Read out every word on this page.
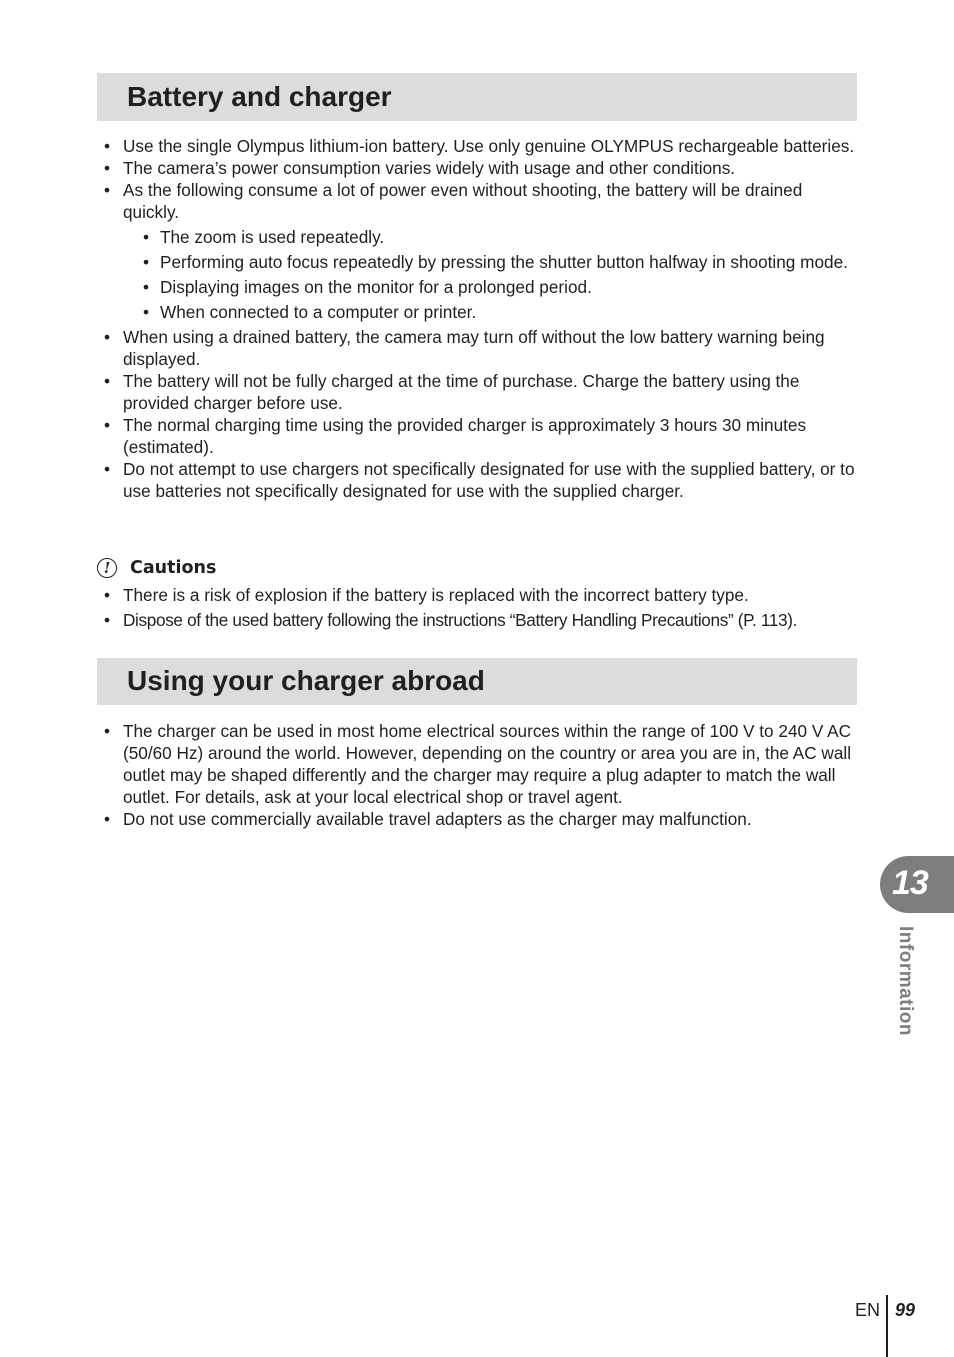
Battery and charger
• Use the single Olympus lithium-ion battery. Use only genuine OLYMPUS rechargeable batteries.
• The camera’s power consumption varies widely with usage and other conditions.
• As the following consume a lot of power even without shooting, the battery will be drained quickly.
• The zoom is used repeatedly.
• Performing auto focus repeatedly by pressing the shutter button halfway in shooting mode.
• Displaying images on the monitor for a prolonged period.
• When connected to a computer or printer.
• When using a drained battery, the camera may turn off without the low battery warning being displayed.
• The battery will not be fully charged at the time of purchase. Charge the battery using the provided charger before use.
• The normal charging time using the provided charger is approximately 3 hours 30 minutes (estimated).
• Do not attempt to use chargers not specifically designated for use with the supplied battery, or to use batteries not specifically designated for use with the supplied charger.
!	Cautions
• There is a risk of explosion if the battery is replaced with the incorrect battery type.
• Dispose of the used battery following the instructions “Battery Handling Precautions” (P. 113).
Using your charger abroad
• The charger can be used in most home electrical sources within the range of 100 V to 240 V AC (50/60 Hz) around the world. However, depending on the country or area you are in, the AC wall outlet may be shaped differently and the charger may require a plug adapter to match the wall outlet. For details, ask at your local electrical shop or travel agent.
• Do not use commercially available travel adapters as the charger may malfunction.
13
Information
EN 99
